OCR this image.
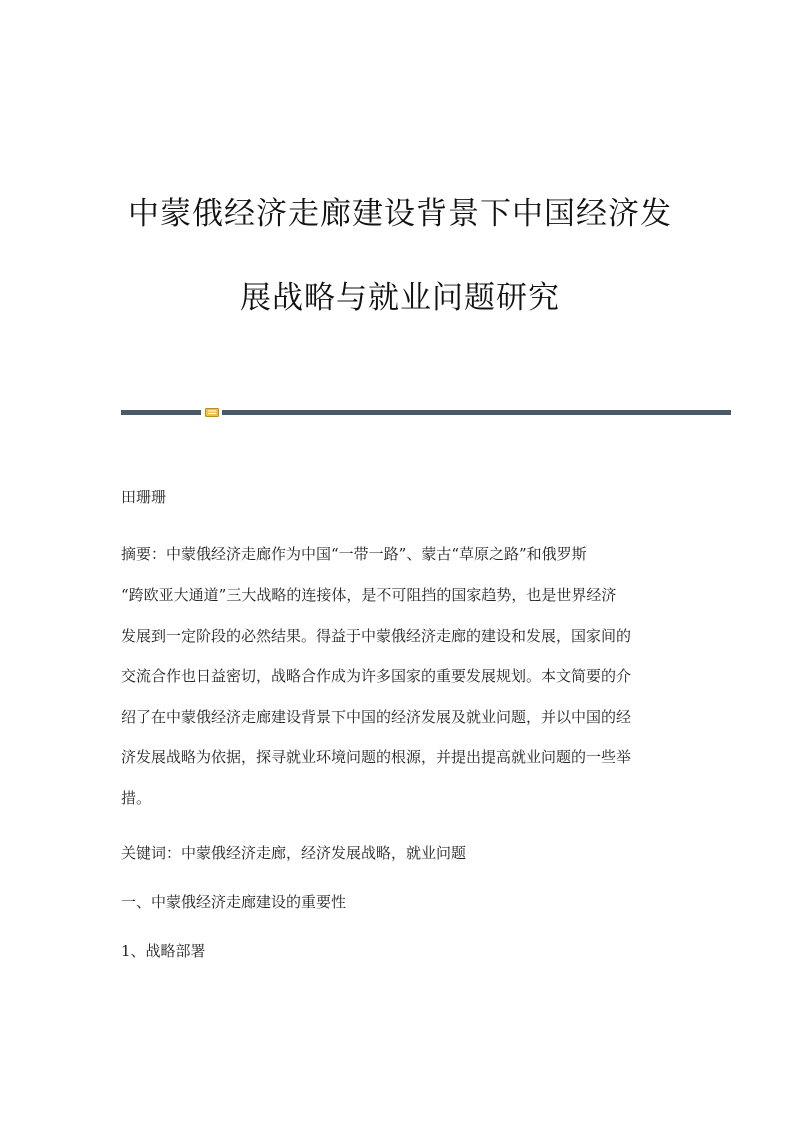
中蒙俄经济走廊建设背景下中国经济发
展战略与就业问题研究
田珊珊
摘要：中蒙俄经济走廊作为中国“一带一路”、蒙古“草原之路”和俄罗斯
“跨欧亚大通道”三大战略的连接体，是不可阻挡的国家趋势，也是世界经济
发展到一定阶段的必然结果。得益于中蒙俄经济走廊的建设和发展，国家间的
交流合作也日益密切，战略合作成为许多国家的重要发展规划。本文简要的介
绍了在中蒙俄经济走廊建设背景下中国的经济发展及就业问题，并以中国的经
济发展战略为依据，探寻就业环境问题的根源，并提出提高就业问题的一些举
措。
关键词：中蒙俄经济走廊，经济发展战略，就业问题
一、中蒙俄经济走廊建设的重要性
1、战略部署
